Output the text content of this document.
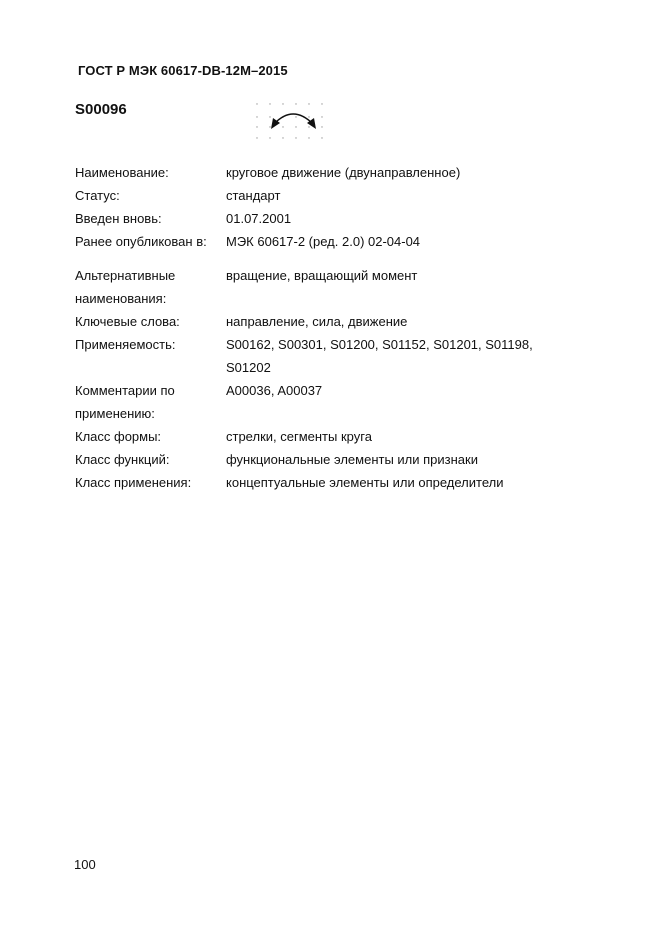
ГОСТ Р МЭК 60617-DB-12M–2015
S00096
Наименование:	круговое движение (двунаправленное)
Статус:	стандарт
Введен вновь:	01.07.2001
Ранее опубликован в:	МЭК 60617-2 (ред. 2.0) 02-04-04
Альтернативные наименования:
вращение, вращающий момент
Ключевые слова:	направление, сила, движение
Применяемость:	S00162, S00301, S01200, S01152, S01201, S01198, S01202
Комментарии по применению:
A00036, A00037
Класс формы:	стрелки, сегменты круга
Класс функций:	функциональные элементы или признаки
Класс применения:	концептуальные элементы или определители
100
